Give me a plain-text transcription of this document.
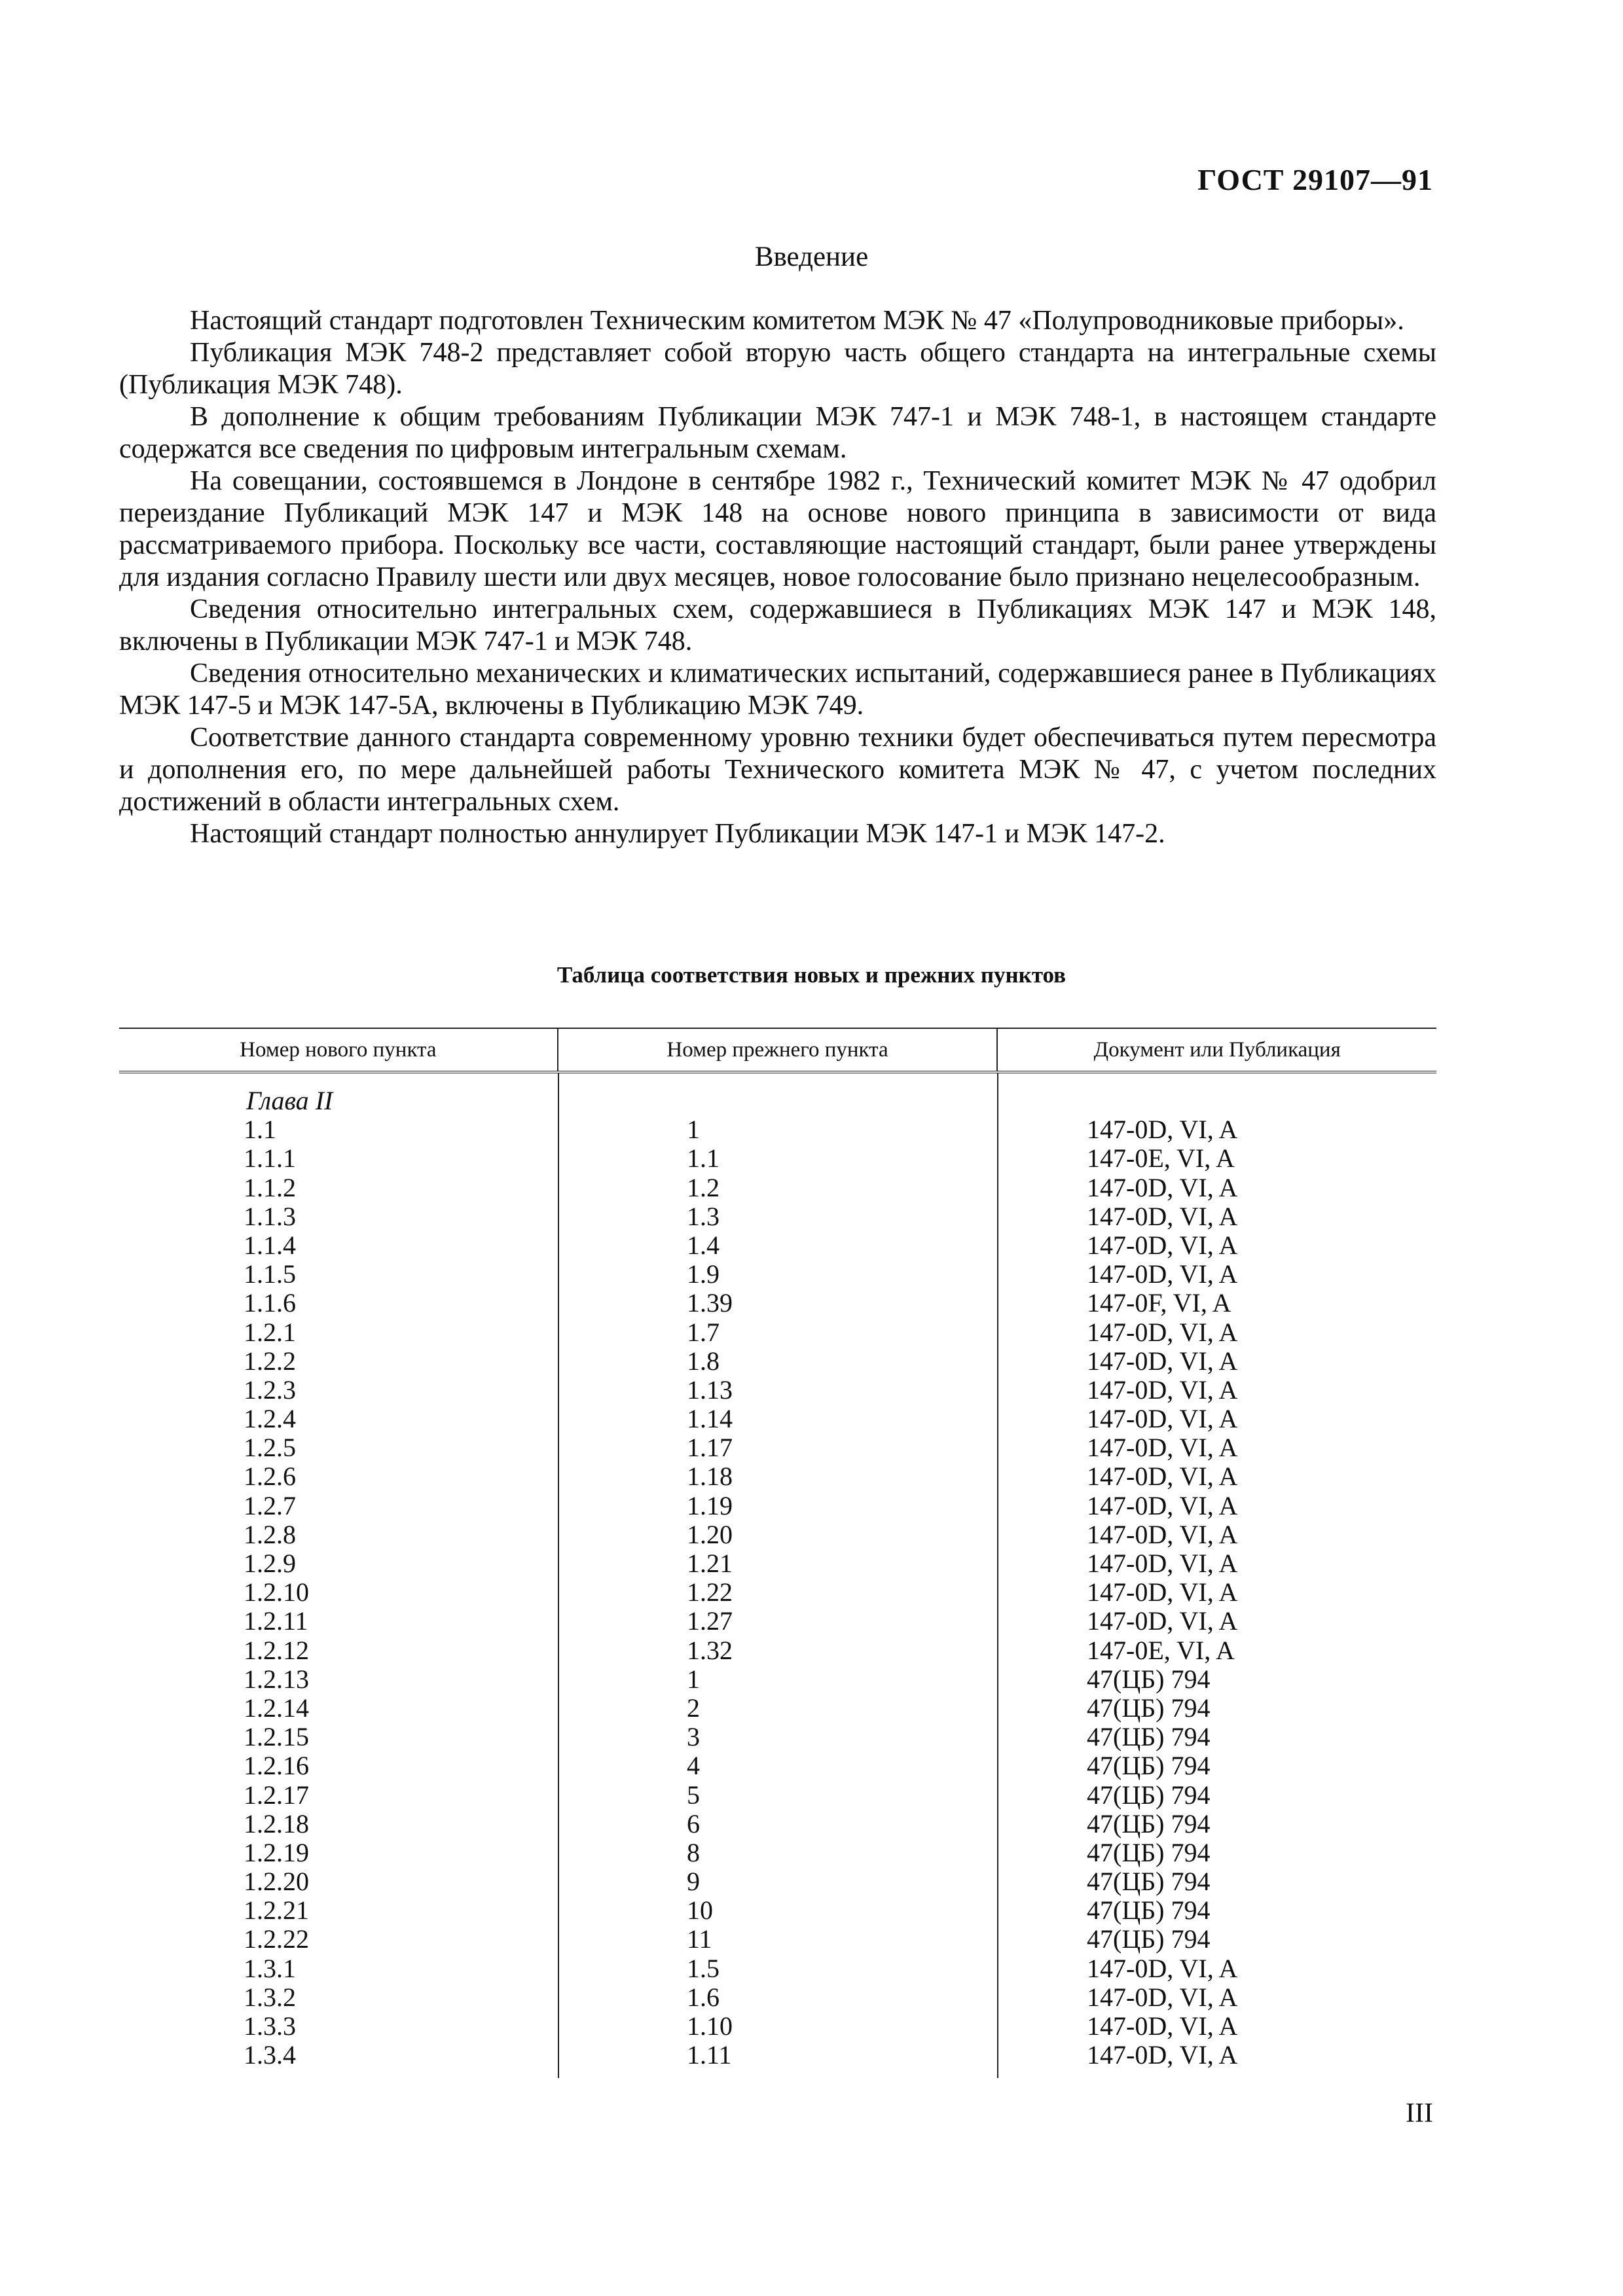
ГОСТ 29107—91
Введение

Настоящий стандарт подготовлен Техническим комитетом МЭК № 47 «Полупроводниковые приборы».

Публикация МЭК 748-2 представляет собой вторую часть общего стандарта на интегральные схемы (Публикация МЭК 748).

В дополнение к общим требованиям Публикации МЭК 747-1 и МЭК 748-1, в настоящем стандарте содержатся все сведения по цифровым интегральным схемам.

На совещании, состоявшемся в Лондоне в сентябре 1982 г., Технический комитет МЭК № 47 одобрил переиздание Публикаций МЭК 147 и МЭК 148 на основе нового принципа в зависимости от вида рассматриваемого прибора. Поскольку все части, составляющие настоящий стандарт, были ранее утверждены для издания согласно Правилу шести или двух месяцев, новое голосование было признано нецелесообразным.

Сведения относительно интегральных схем, содержавшиеся в Публикациях МЭК 147 и МЭК 148, включены в Публикации МЭК 747-1 и МЭК 748.

Сведения относительно механических и климатических испытаний, содержавшиеся ранее в Публикациях МЭК 147-5 и МЭК 147-5А, включены в Публикацию МЭК 749.

Соответствие данного стандарта современному уровню техники будет обеспечиваться путем пересмотра и дополнения его, по мере дальнейшей работы Технического комитета МЭК № 47, с учетом последних достижений в области интегральных схем.

Настоящий стандарт полностью аннулирует Публикации МЭК 147-1 и МЭК 147-2.

Таблица соответствия новых и прежних пунктов
Номер нового пункта	Номер прежнего пункта	Документ или Публикация
Глава II
1.1
1.1.1
1.1.2
1.1.3
1.1.4
1.1.5
1.1.6
1.2.1
1.2.2
1.2.3
1.2.4
1.2.5
1.2.6
1.2.7
1.2.8
1.2.9
1.2.10
1.2.11
1.2.12
1.2.13
1.2.14
1.2.15
1.2.16
1.2.17
1.2.18
1.2.19
1.2.20
1.2.21
1.2.22
1.3.1
1.3.2
1.3.3
1.3.4
1
1.1
1.2
1.3
1.4
1.9
1.39
1.7
1.8
1.13
1.14
1.17
1.18
1.19
1.20
1.21
1.22
1.27
1.32
1
2
3
4
5
6
8
9
10
11
1.5
1.6
1.10
1.11
147-0D, VI, A
147-0E, VI, A
147-0D, VI, A
147-0D, VI, A
147-0D, VI, A
147-0D, VI, A
147-0F, VI, A
147-0D, VI, A
147-0D, VI, A
147-0D, VI, A
147-0D, VI, A
147-0D, VI, A
147-0D, VI, A
147-0D, VI, A
147-0D, VI, A
147-0D, VI, A
147-0D, VI, A
147-0D, VI, A
147-0E, VI, A
47(ЦБ) 794
47(ЦБ) 794
47(ЦБ) 794
47(ЦБ) 794
47(ЦБ) 794
47(ЦБ) 794
47(ЦБ) 794
47(ЦБ) 794
47(ЦБ) 794
47(ЦБ) 794
147-0D, VI, A
147-0D, VI, A
147-0D, VI, A
147-0D, VI, A
III
